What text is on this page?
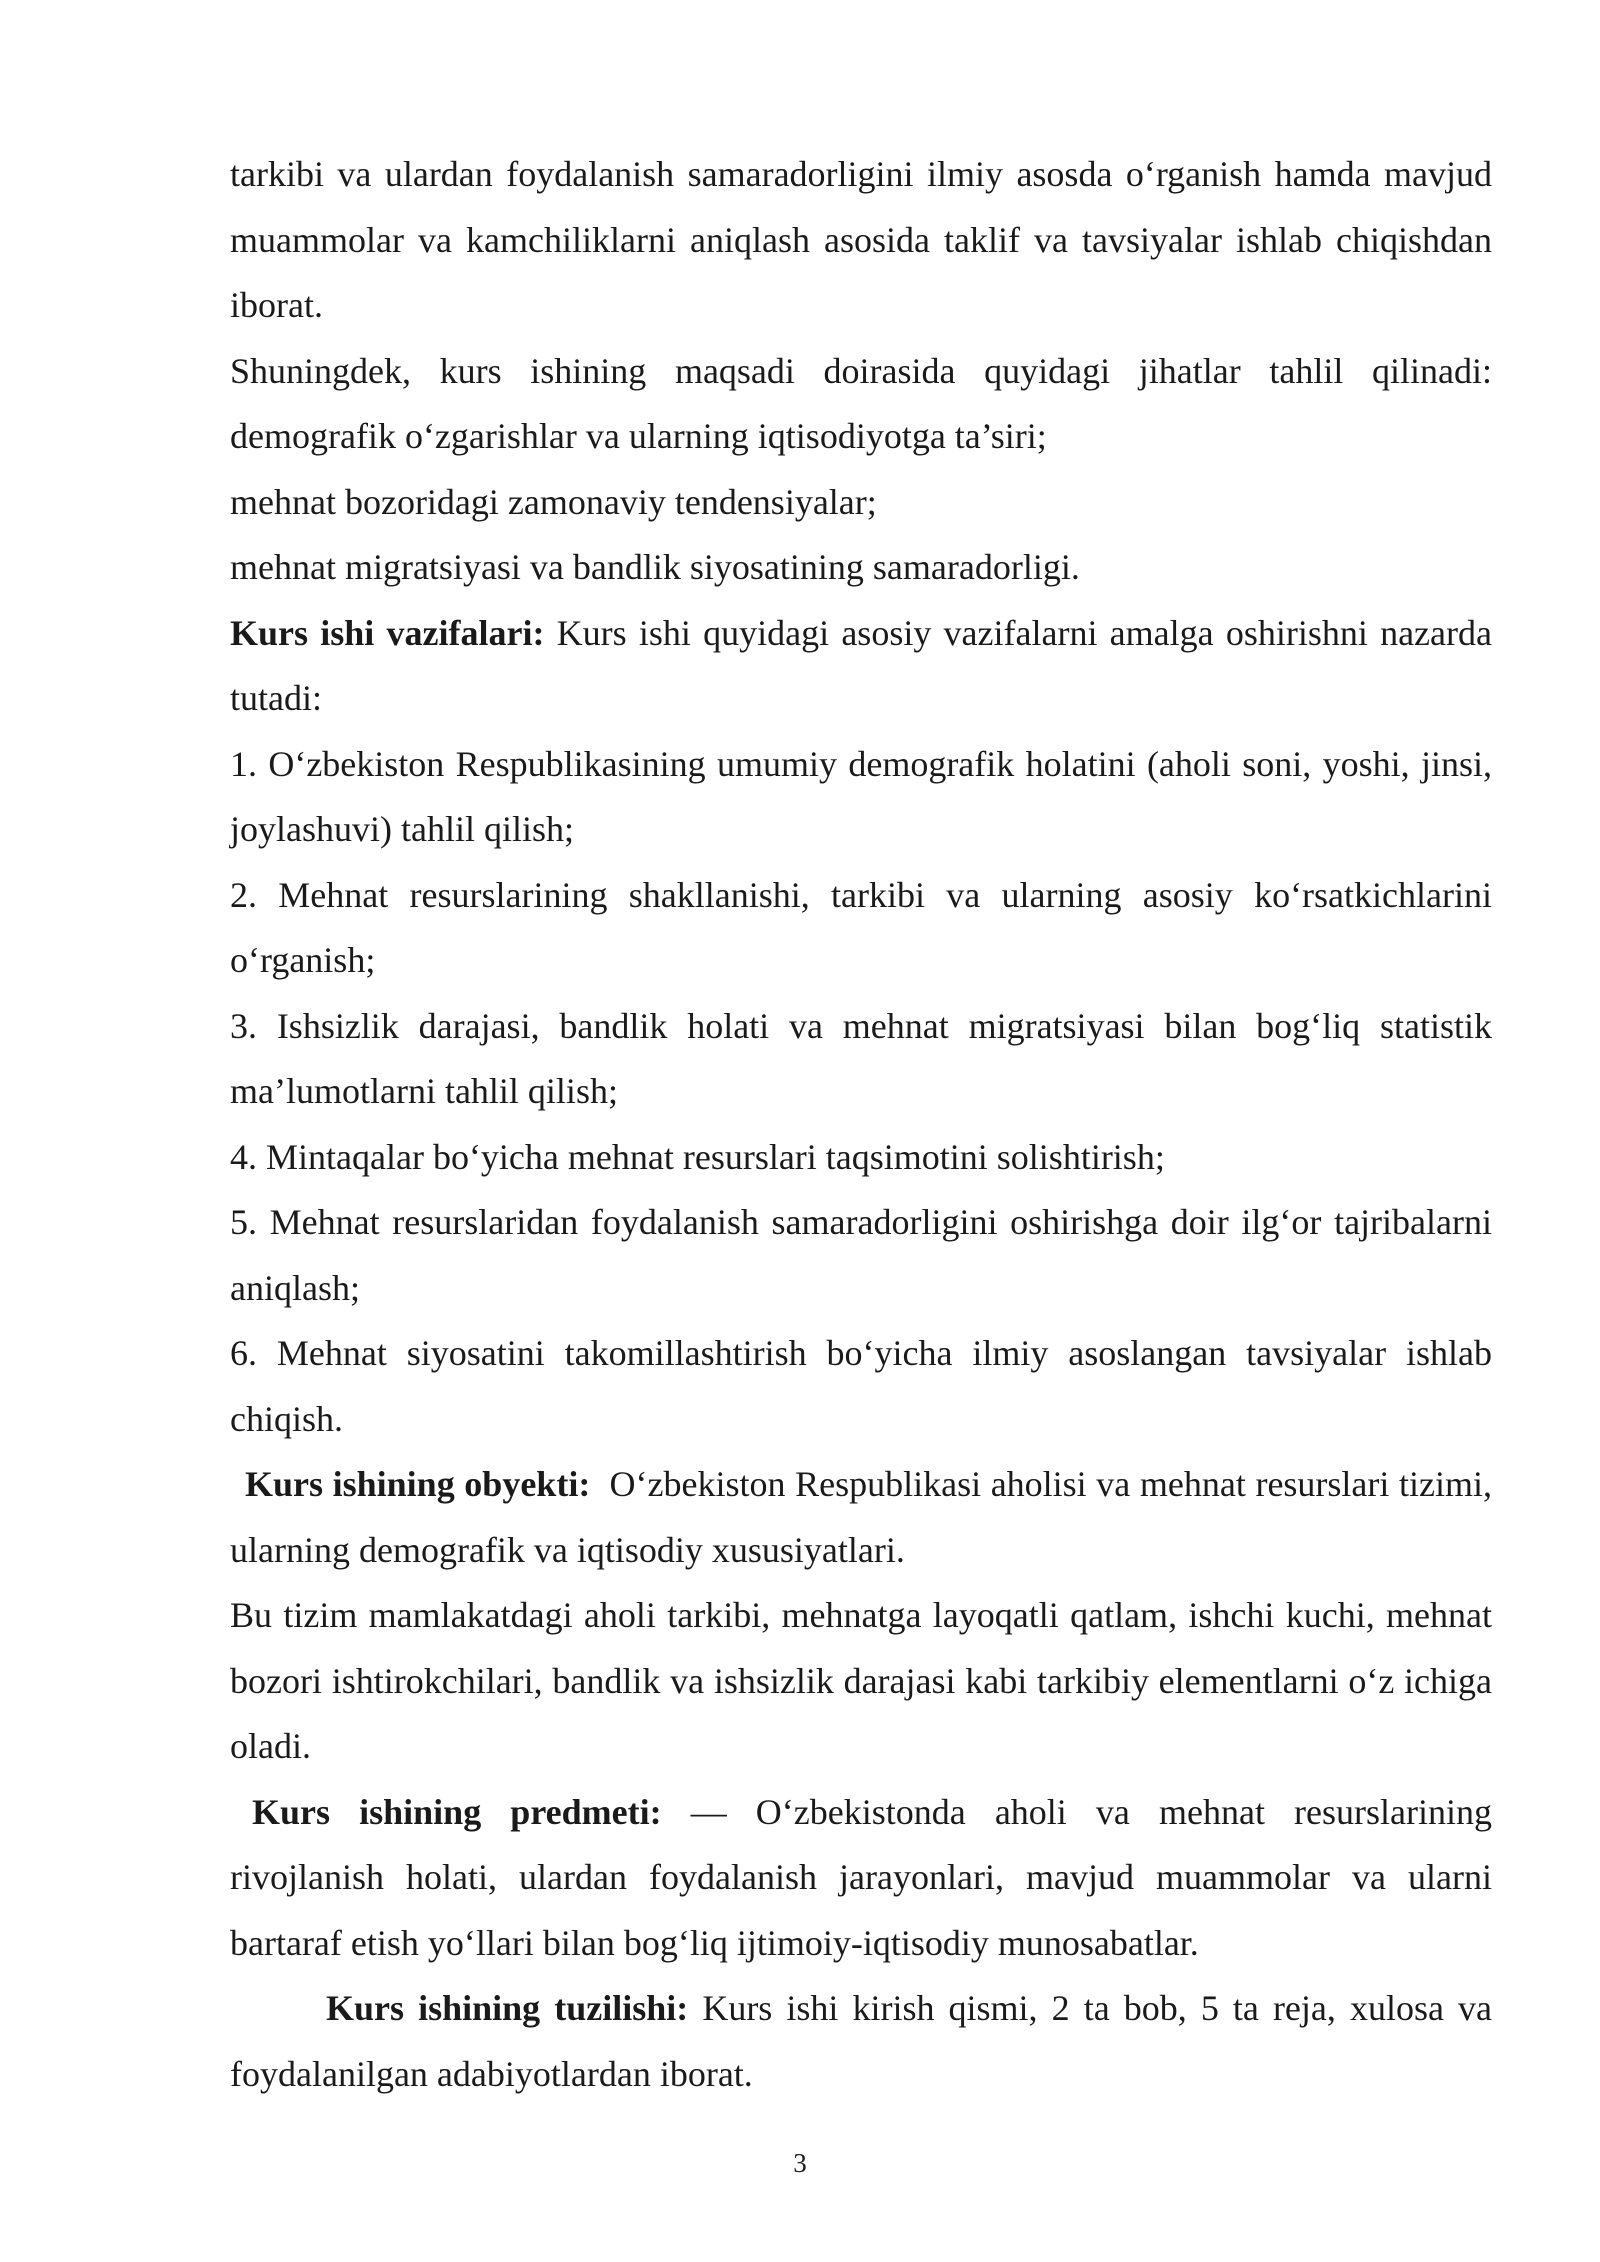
tarkibi va ulardan foydalanish samaradorligini ilmiy asosda o‘rganish hamda mavjud muammolar va kamchiliklarni aniqlash asosida taklif va tavsiyalar ishlab chiqishdan iborat.

Shuningdek, kurs ishining maqsadi doirasida quyidagi jihatlar tahlil qilinadi:

demografik o‘zgarishlar va ularning iqtisodiyotga ta’siri;

mehnat bozoridagi zamonaviy tendensiyalar;

mehnat migratsiyasi va bandlik siyosatining samaradorligi.

Kurs ishi vazifalari: Kurs ishi quyidagi asosiy vazifalarni amalga oshirishni nazarda tutadi:

1. O‘zbekiston Respublikasining umumiy demografik holatini (aholi soni, yoshi, jinsi, joylashuvi) tahlil qilish;

2. Mehnat resurslarining shakllanishi, tarkibi va ularning asosiy ko‘rsatkichlarini o‘rganish;

3. Ishsizlik darajasi, bandlik holati va mehnat migratsiyasi bilan bog‘liq statistik ma’lumotlarni tahlil qilish;

4. Mintaqalar bo‘yicha mehnat resurslari taqsimotini solishtirish;

5. Mehnat resurslaridan foydalanish samaradorligini oshirishga doir ilg‘or tajribalarni aniqlash;

6. Mehnat siyosatini takomillashtirish bo‘yicha ilmiy asoslangan tavsiyalar ishlab chiqish.

Kurs ishining obyekti:  O‘zbekiston Respublikasi aholisi va mehnat resurslari tizimi, ularning demografik va iqtisodiy xususiyatlari.

Bu tizim mamlakatdagi aholi tarkibi, mehnatga layoqatli qatlam, ishchi kuchi, mehnat bozori ishtirokchilari, bandlik va ishsizlik darajasi kabi tarkibiy elementlarni o‘z ichiga oladi.

Kurs ishining predmeti: — O‘zbekistonda aholi va mehnat resurslarining rivojlanish holati, ulardan foydalanish jarayonlari, mavjud muammolar va ularni bartaraf etish yo‘llari bilan bog‘liq ijtimoiy-iqtisodiy munosabatlar.

Kurs ishining tuzilishi: Kurs ishi kirish qismi, 2 ta bob, 5 ta reja, xulosa va foydalanilgan adabiyotlardan iborat.

3
